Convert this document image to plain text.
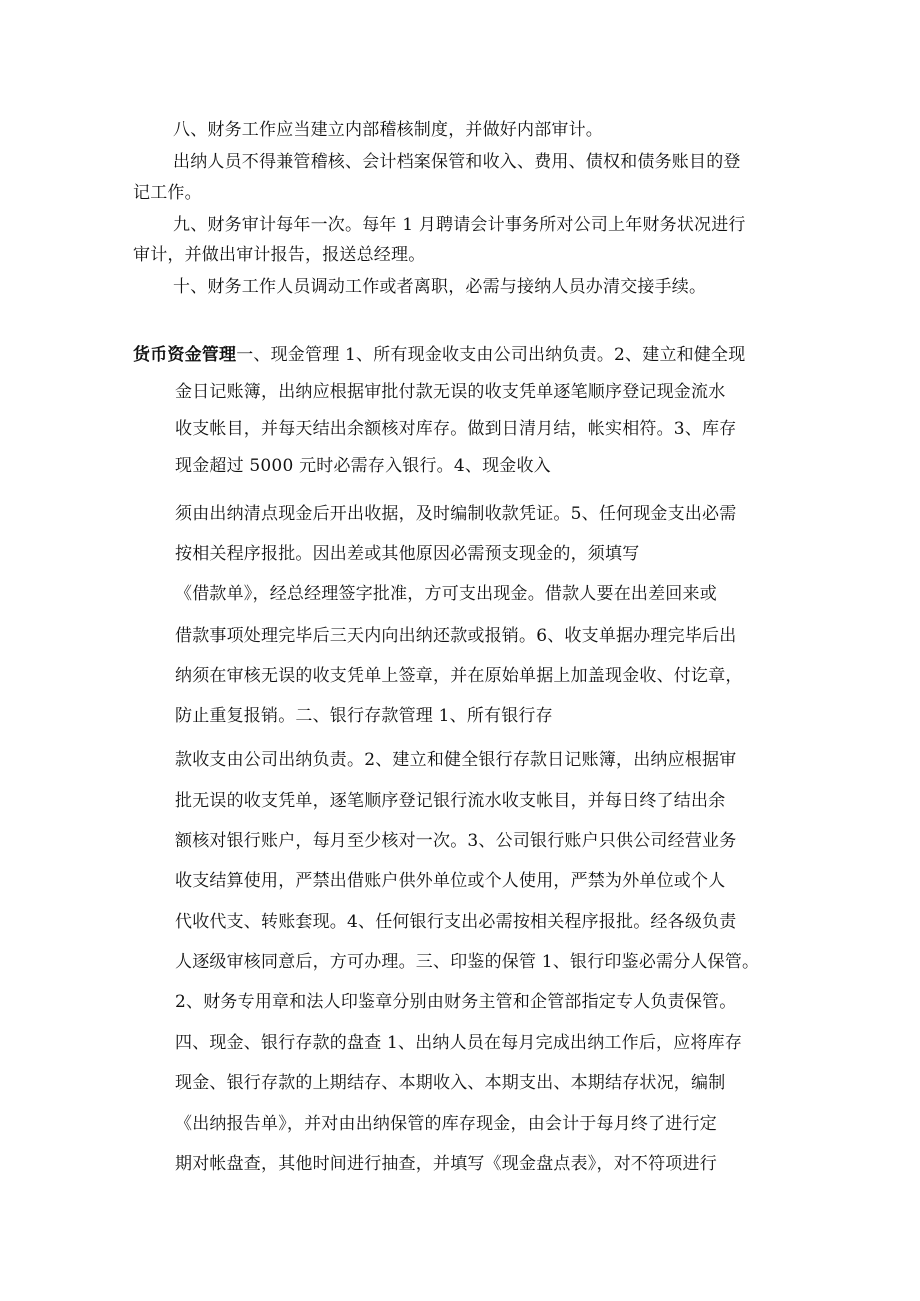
八、财务工作应当建立内部稽核制度，并做好内部审计。
出纳人员不得兼管稽核、会计档案保管和收入、费用、债权和债务账目的登
记工作。
九、财务审计每年一次。每年 1 月聘请会计事务所对公司上年财务状况进行
审计，并做出审计报告，报送总经理。
十、财务工作人员调动工作或者离职，必需与接纳人员办清交接手续。
货币资金管理一、现金管理 1、所有现金收支由公司出纳负责。2、建立和健全现
金日记账簿，出纳应根据审批付款无误的收支凭单逐笔顺序登记现金流水
收支帐目，并每天结出余额核对库存。做到日清月结，帐实相符。3、库存
现金超过 5000 元时必需存入银行。4、现金收入
须由出纳清点现金后开出收据，及时编制收款凭证。5、任何现金支出必需
按相关程序报批。因出差或其他原因必需预支现金的，须填写
《借款单》，经总经理签字批准，方可支出现金。借款人要在出差回来或
借款事项处理完毕后三天内向出纳还款或报销。6、收支单据办理完毕后出
纳须在审核无误的收支凭单上签章，并在原始单据上加盖现金收、付讫章，
防止重复报销。二、银行存款管理 1、所有银行存
款收支由公司出纳负责。2、建立和健全银行存款日记账簿，出纳应根据审
批无误的收支凭单，逐笔顺序登记银行流水收支帐目，并每日终了结出余
额核对银行账户，每月至少核对一次。3、公司银行账户只供公司经营业务
收支结算使用，严禁出借账户供外单位或个人使用，严禁为外单位或个人
代收代支、转账套现。4、任何银行支出必需按相关程序报批。经各级负责
人逐级审核同意后，方可办理。三、印鉴的保管 1、银行印鉴必需分人保管。
2、财务专用章和法人印鉴章分别由财务主管和企管部指定专人负责保管。
四、现金、银行存款的盘查 1、出纳人员在每月完成出纳工作后，应将库存
现金、银行存款的上期结存、本期收入、本期支出、本期结存状况，编制
《出纳报告单》，并对由出纳保管的库存现金，由会计于每月终了进行定
期对帐盘查，其他时间进行抽查，并填写《现金盘点表》，对不符项进行
